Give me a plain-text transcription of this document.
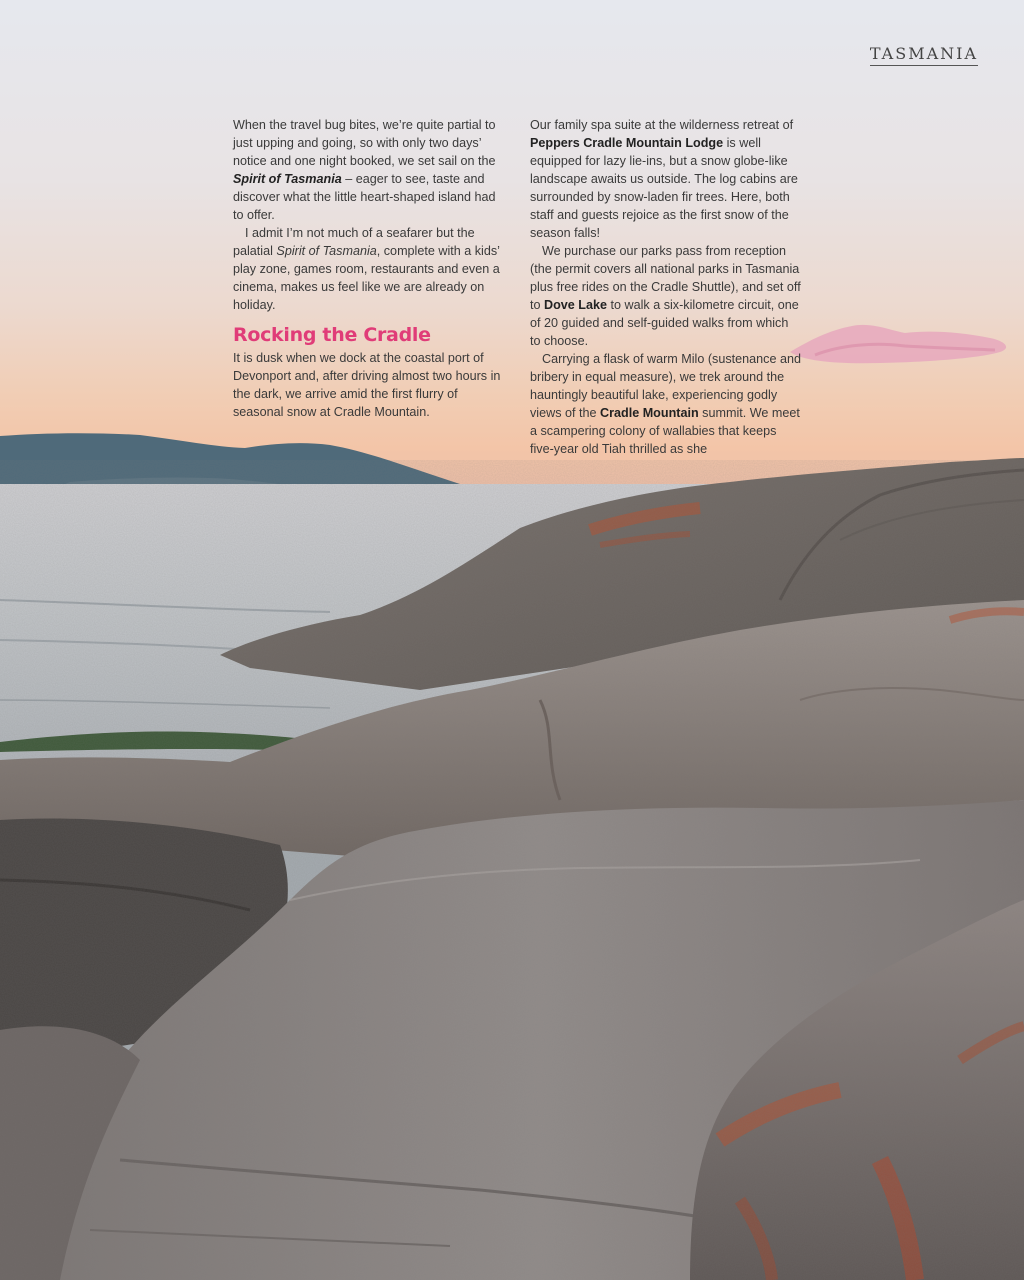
TASMANIA

When the travel bug bites, we’re quite partial to just upping and going, so with only two days’ notice and one night booked, we set sail on the Spirit of Tasmania – eager to see, taste and discover what the little heart-shaped island had to offer.

I admit I’m not much of a seafarer but the palatial Spirit of Tasmania, complete with a kids’ play zone, games room, restaurants and even a cinema, makes us feel like we are already on holiday.

Rocking the Cradle

It is dusk when we dock at the coastal port of Devonport and, after driving almost two hours in the dark, we arrive amid the first flurry of seasonal snow at Cradle Mountain.

Our family spa suite at the wilderness retreat of Peppers Cradle Mountain Lodge is well equipped for lazy lie-ins, but a snow globe-like landscape awaits us outside. The log cabins are surrounded by snow-laden fir trees. Here, both staff and guests rejoice as the first snow of the season falls!

We purchase our parks pass from reception (the permit covers all national parks in Tasmania plus free rides on the Cradle Shuttle), and set off to Dove Lake to walk a six-kilometre circuit, one of 20 guided and self-guided walks from which to choose.

Carrying a flask of warm Milo (sustenance and bribery in equal measure), we trek around the hauntingly beautiful lake, experiencing godly views of the Cradle Mountain summit. We meet a scampering colony of wallabies that keeps five-year old Tiah thrilled as she
